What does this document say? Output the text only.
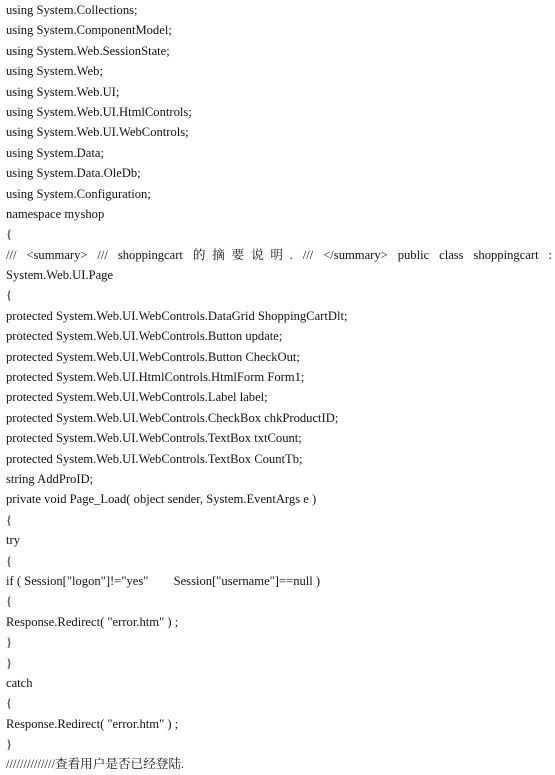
using System.Collections;
using System.ComponentModel;
using System.Web.SessionState;
using System.Web;
using System.Web.UI;
using System.Web.UI.HtmlControls;
using System.Web.UI.WebControls;
using System.Data;
using System.Data.OleDb;
using System.Configuration;
namespace myshop
{
/// <summary> /// shoppingcart 的摘要说明. /// </summary> public class shoppingcart :
System.Web.UI.Page
{
protected System.Web.UI.WebControls.DataGrid ShoppingCartDlt;
protected System.Web.UI.WebControls.Button update;
protected System.Web.UI.WebControls.Button CheckOut;
protected System.Web.UI.HtmlControls.HtmlForm Form1;
protected System.Web.UI.WebControls.Label label;
protected System.Web.UI.WebControls.CheckBox chkProductID;
protected System.Web.UI.WebControls.TextBox txtCount;
protected System.Web.UI.WebControls.TextBox CountTb;
string AddProID;
private void Page_Load( object sender, System.EventArgs e )
{
try
{
if ( Session["logon"]!="yes"        Session["username"]==null )
{
Response.Redirect( "error.htm" ) ;
}
}
catch
{
Response.Redirect( "error.htm" ) ;
}
//////////////查看用户是否已经登陆.
